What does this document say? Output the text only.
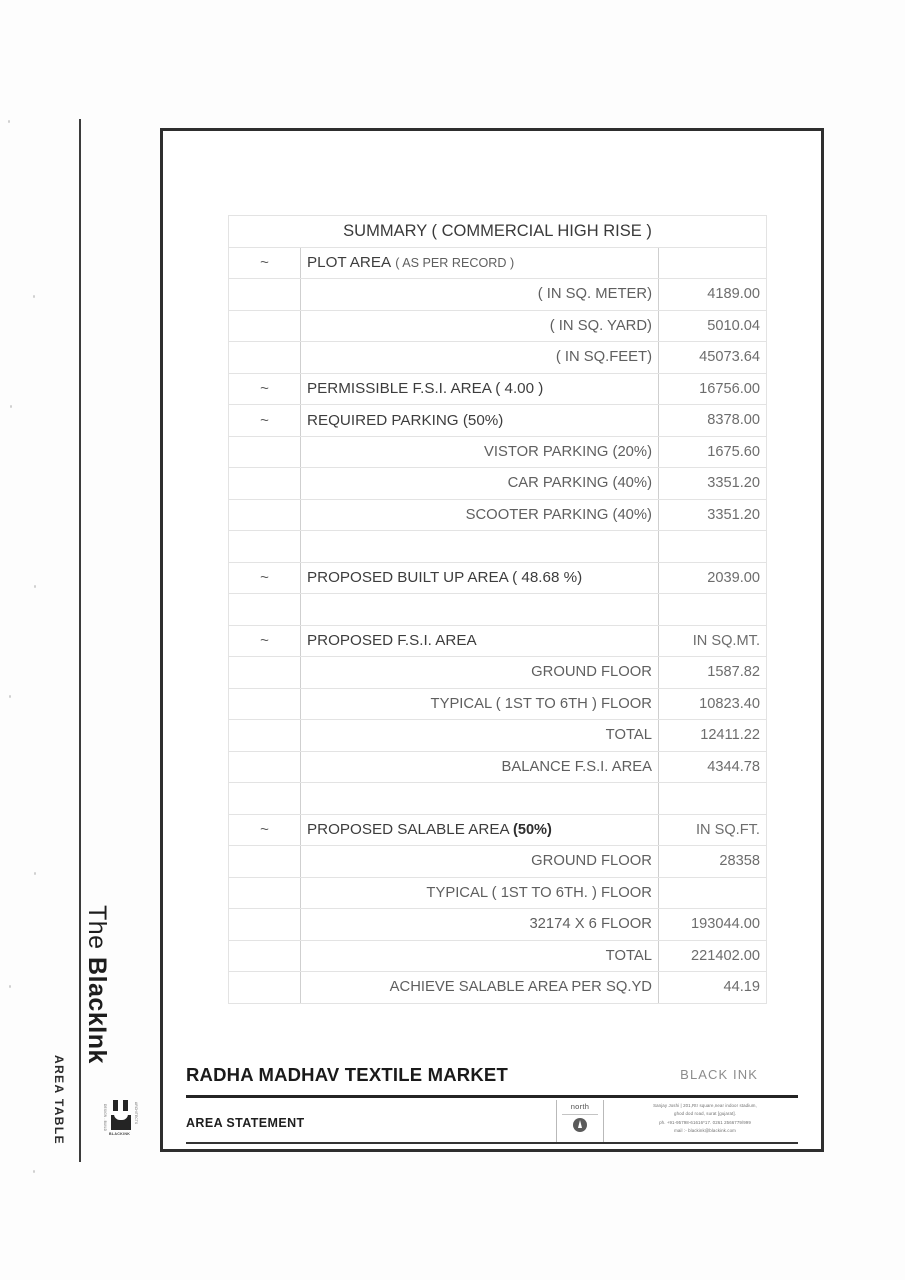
The BlackInk
AREA TABLE	BLACKINK
DESIGN . BUILD	ARCHITECTS
SUMMARY ( COMMERCIAL HIGH RISE )		
~	PLOT AREA ( AS PER RECORD )	
	( IN SQ. METER)	4189.00
	( IN SQ. YARD)	5010.04
	( IN SQ.FEET)	45073.64
~	PERMISSIBLE F.S.I. AREA ( 4.00 )	16756.00
~	REQUIRED PARKING (50%)	8378.00
	VISTOR PARKING (20%)	1675.60
	CAR PARKING (40%)	3351.20
	SCOOTER PARKING (40%)	3351.20

~	PROPOSED BUILT UP AREA ( 48.68 %)	2039.00

~	PROPOSED F.S.I. AREA	IN SQ.MT.
	GROUND FLOOR	1587.82
	TYPICAL ( 1ST TO 6TH ) FLOOR	10823.40
	TOTAL	12411.22
	BALANCE F.S.I. AREA	4344.78

~	PROPOSED SALABLE AREA (50%)	IN SQ.FT.
	GROUND FLOOR	28358
	TYPICAL ( 1ST TO 6TH. ) FLOOR	
	32174 X 6 FLOOR	193044.00
	TOTAL	221402.00
	ACHIEVE SALABLE AREA PER SQ.YD	44.19
RADHA MADHAV TEXTILE MARKET	BLACK INK
AREA STATEMENT
north	Sanjay Joshi | 201,Rtr square,near indoor stadium,
ghod dod road, surat [gujarat].
ph. +91-95798-61616*17. 0261 2566779/999
mail :- blackink@blackink.com
